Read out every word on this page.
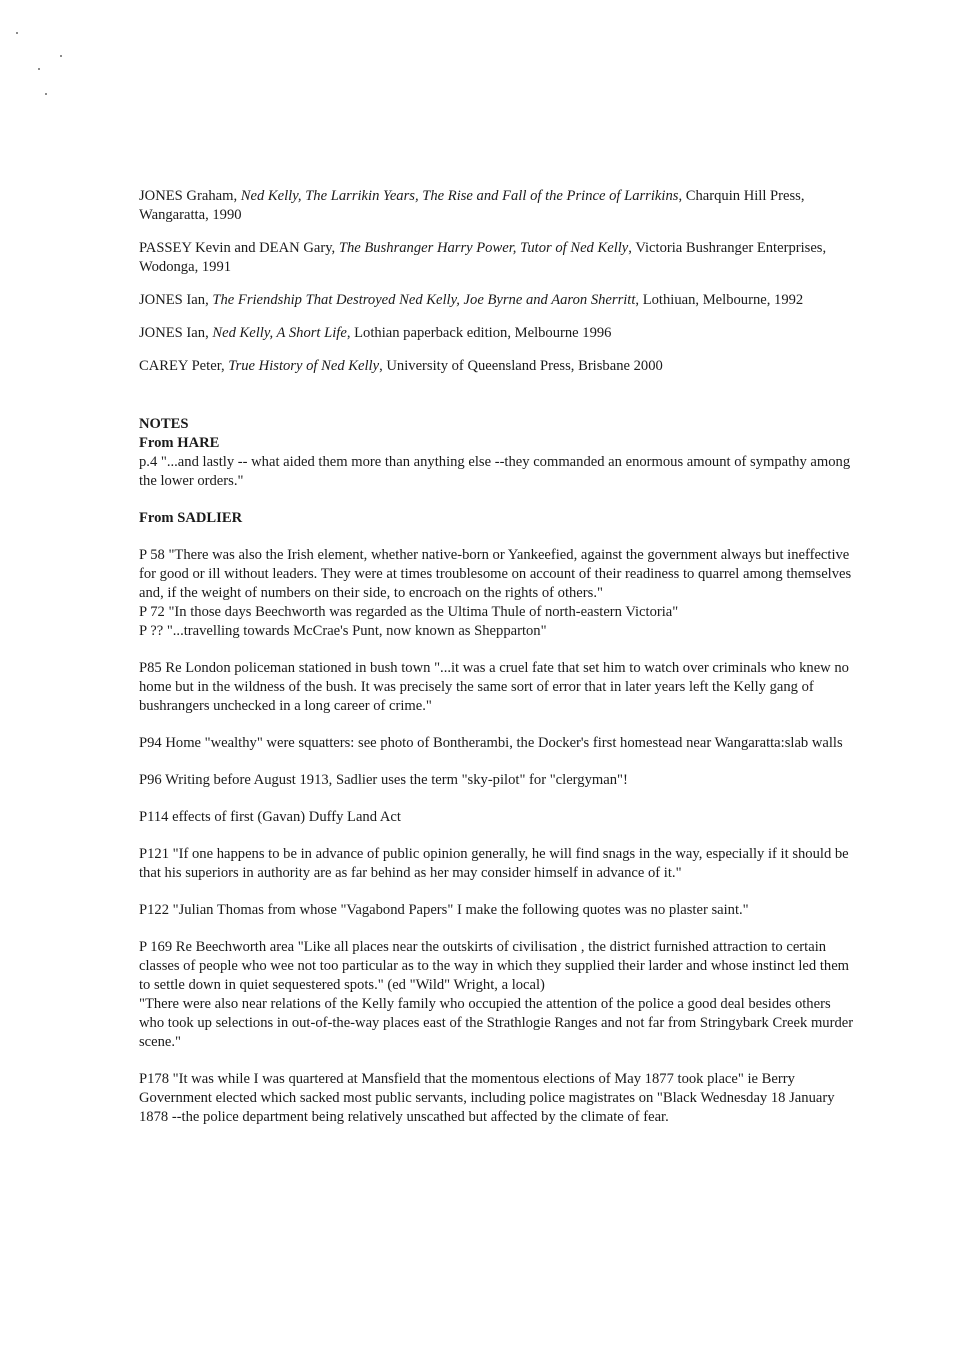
JONES Graham, Ned Kelly, The Larrikin Years, The Rise and Fall of the Prince of Larrikins, Charquin Hill Press, Wangaratta, 1990

PASSEY Kevin and DEAN Gary, The Bushranger Harry Power, Tutor of Ned Kelly, Victoria Bushranger Enterprises, Wodonga, 1991

JONES Ian, The Friendship That Destroyed Ned Kelly, Joe Byrne and Aaron Sherritt, Lothiuan, Melbourne, 1992

JONES Ian, Ned Kelly, A Short Life, Lothian paperback edition, Melbourne 1996

CAREY Peter, True History of Ned Kelly, University of Queensland Press, Brisbane 2000

NOTES
From HARE

p.4 "...and lastly -- what aided them more than anything else --they commanded an enormous amount of sympathy among the lower orders."

From SADLIER

P 58 "There was also the Irish element, whether native-born or Yankeefied, against the government always but ineffective for good or ill without leaders. They were at times troublesome on account of their readiness to quarrel among themselves and, if the weight of numbers on their side, to encroach on the rights of others."

P 72 "In those days Beechworth was regarded as the Ultima Thule of north-eastern Victoria"

P ?? "...travelling towards McCrae's Punt, now known as Shepparton"

P85 Re London policeman stationed in bush town "...it was a cruel fate that set him to watch over criminals who knew no home but in the wildness of the bush. It was precisely the same sort of error that in later years left the Kelly gang of bushrangers unchecked in a long career of crime."

P94 Home "wealthy" were squatters: see photo of Bontherambi, the Docker's first homestead near Wangaratta:slab walls

P96 Writing before August 1913, Sadlier uses the term "sky-pilot" for "clergyman"!

P114 effects of first (Gavan) Duffy Land Act

P121 "If one happens to be in advance of public opinion generally, he will find snags in the way, especially if it should be that his superiors in authority are as far behind as her may consider himself in advance of it."

P122 "Julian Thomas from whose "Vagabond Papers" I make the following quotes was no plaster saint."

P 169 Re Beechworth area "Like all places near the outskirts of civilisation , the district furnished attraction to certain classes of people who wee not too particular as to the way in which they supplied their larder and whose instinct led them to settle down in quiet sequestered spots." (ed "Wild" Wright, a local)

"There were also near relations of the Kelly family who occupied the attention of the police a good deal besides others who took up selections in out-of-the-way places east of the Strathlogie Ranges and not far from Stringybark Creek murder scene."

P178 "It was while I was quartered at Mansfield that the momentous elections of May 1877 took place" ie Berry Government elected which sacked most public servants, including police magistrates on "Black Wednesday 18 January 1878 --the police department being relatively unscathed but affected by the climate of fear.
